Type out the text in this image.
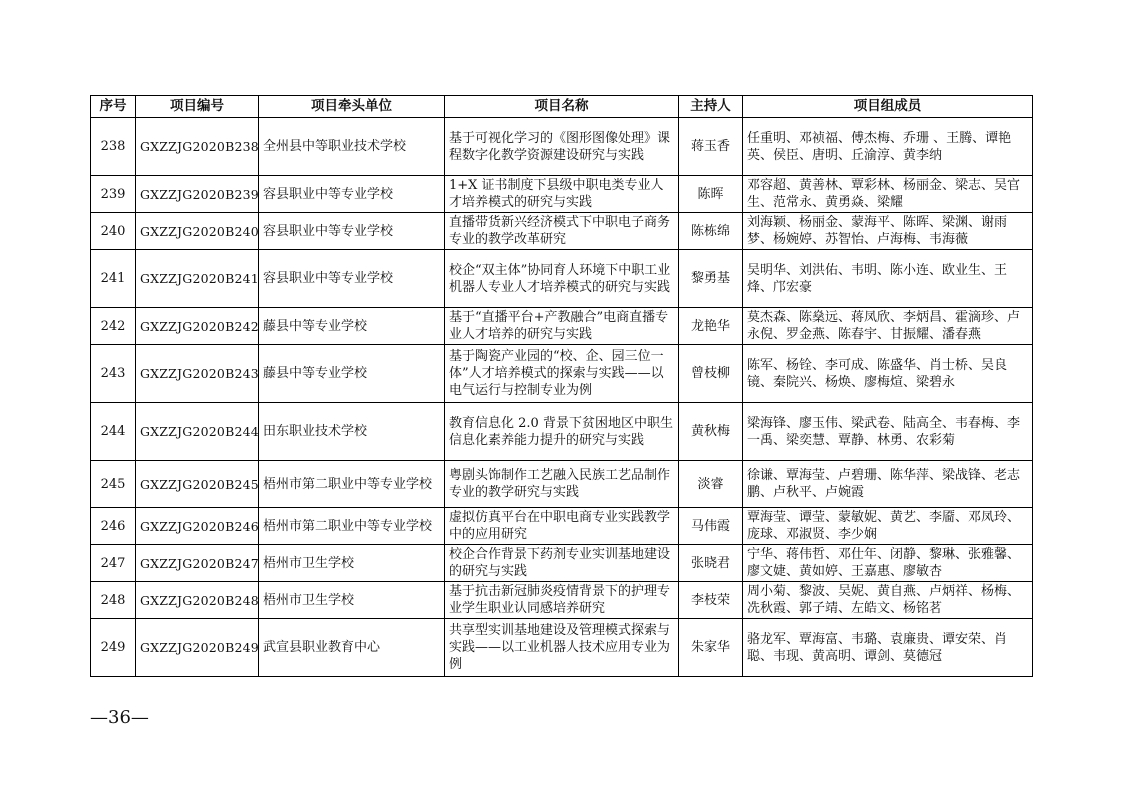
序号	项目编号	项目牵头单位	项目名称	主持人	项目组成员
238	GXZZJG2020B238	全州县中等职业技术学校	基于可视化学习的《图形图像处理》课程数字化教学资源建设研究与实践	蒋玉香	任重明、邓祯福、傅杰梅、乔珊 、王腾、谭艳英、侯臣、唐明、丘渝淳、黄李纳
239	GXZZJG2020B239	容县职业中等专业学校	1+X 证书制度下县级中职电类专业人才培养模式的研究与实践	陈晖	邓容超、黄善林、覃彩林、杨丽金、梁志、吴官生、范常永、黄勇焱、梁耀
240	GXZZJG2020B240	容县职业中等专业学校	直播带货新兴经济模式下中职电子商务专业的教学改革研究	陈栋绵	刘海颖、杨丽金、蒙海平、陈晖、梁渊、谢雨梦、杨婉婷、苏智怡、卢海梅、韦海薇
241	GXZZJG2020B241	容县职业中等专业学校	校企“双主体”协同育人环境下中职工业机器人专业人才培养模式的研究与实践	黎勇基	吴明华、刘洪佑、韦明、陈小连、欧业生、王烽、邝宏豪
242	GXZZJG2020B242	藤县中等专业学校	基于“直播平台+产教融合”电商直播专业人才培养的研究与实践	龙艳华	莫杰森、陈燊远、蒋凤欣、李炳昌、霍滴珍、卢永倪、罗金燕、陈春宇、甘振耀、潘春燕
243	GXZZJG2020B243	藤县中等专业学校	基于陶瓷产业园的“校、企、园三位一体”人才培养模式的探索与实践——以电气运行与控制专业为例	曾枝柳	陈军、杨铨、李可成、陈盛华、肖士桥、吴良镜、秦院兴、杨焕、廖梅煊、梁碧永
244	GXZZJG2020B244	田东职业技术学校	教育信息化 2.0 背景下贫困地区中职生信息化素养能力提升的研究与实践	黄秋梅	梁海锋、廖玉伟、梁武卷、陆高全、韦春梅、李一禹、梁奕慧、覃静、林勇、农彩菊
245	GXZZJG2020B245	梧州市第二职业中等专业学校	粤剧头饰制作工艺融入民族工艺品制作专业的教学研究与实践	淡睿	徐谦、覃海莹、卢碧珊、陈华萍、梁战锋、老志鹏、卢秋平、卢婉霞
246	GXZZJG2020B246	梧州市第二职业中等专业学校	虚拟仿真平台在中职电商专业实践教学中的应用研究	马伟霞	覃海莹、谭莹、蒙敏妮、黄艺、李靥、邓凤玲、庞球、邓淑贤、李少娴
247	GXZZJG2020B247	梧州市卫生学校	校企合作背景下药剂专业实训基地建设的研究与实践	张晓君	宁华、蒋伟哲、邓仕年、闭静、黎琳、张雅馨、廖文婕、黄如婷、王嘉惠、廖敏杏
248	GXZZJG2020B248	梧州市卫生学校	基于抗击新冠肺炎疫情背景下的护理专业学生职业认同感培养研究	李枝荣	周小菊、黎波、吴妮、黄自燕、卢炳祥、杨梅、冼秋霞、郭子靖、左皓文、杨铭茗
249	GXZZJG2020B249	武宣县职业教育中心	共享型实训基地建设及管理模式探索与实践——以工业机器人技术应用专业为例	朱家华	骆龙军、覃海富、韦璐、袁廉贵、谭安荣、肖聪、韦现、黄高明、谭剑、莫德冠
—36—
